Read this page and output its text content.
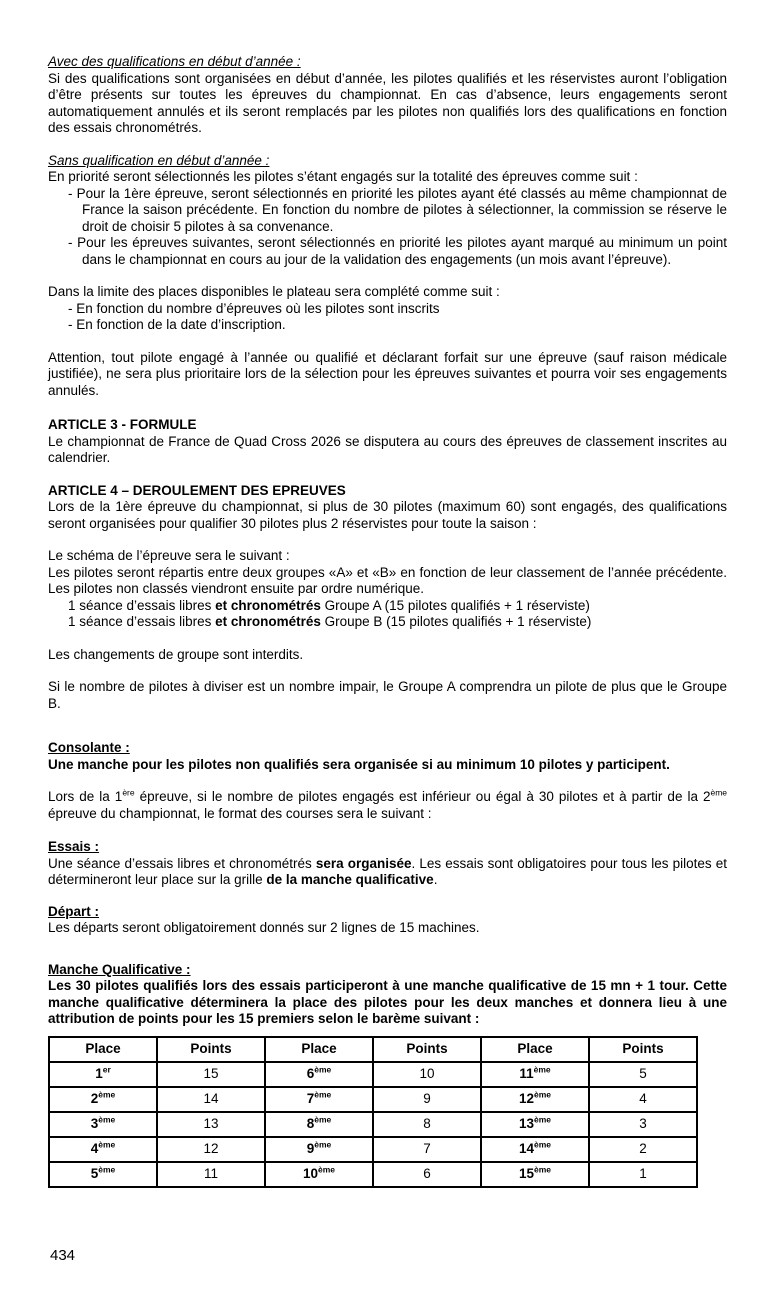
Avec des qualifications en début d’année :

Si des qualifications sont organisées en début d’année, les pilotes qualifiés et les réservistes auront l’obligation d’être présents sur toutes les épreuves du championnat. En cas d’absence, leurs engagements seront automatiquement annulés et ils seront remplacés par les pilotes non qualifiés lors des qualifications en fonction des essais chronométrés.

Sans qualification en début d’année :

En priorité seront sélectionnés les pilotes s’étant engagés sur la totalité des épreuves comme suit :

- Pour la 1ère épreuve, seront sélectionnés en priorité les pilotes ayant été classés au même championnat de France la saison précédente. En fonction du nombre de pilotes à sélectionner, la commission se réserve le droit de choisir 5 pilotes à sa convenance.

- Pour les épreuves suivantes, seront sélectionnés en priorité les pilotes ayant marqué au minimum un point dans le championnat en cours au jour de la validation des engagements (un mois avant l’épreuve).

Dans la limite des places disponibles le plateau sera complété comme suit :

- En fonction du nombre d’épreuves où les pilotes sont inscrits

- En fonction de la date d’inscription.

Attention, tout pilote engagé à l’année ou qualifié et déclarant forfait sur une épreuve (sauf raison médicale justifiée), ne sera plus prioritaire lors de la sélection pour les épreuves suivantes et pourra voir ses engagements annulés.

ARTICLE 3 - FORMULE

Le championnat de France de Quad Cross 2026 se disputera au cours des épreuves de classement inscrites au calendrier.

ARTICLE 4 – DEROULEMENT DES EPREUVES

Lors de la 1ère épreuve du championnat, si plus de 30 pilotes (maximum 60) sont engagés, des qualifications seront organisées pour qualifier 30 pilotes plus 2 réservistes pour toute la saison :

Le schéma de l’épreuve sera le suivant :

Les pilotes seront répartis entre deux groupes «A» et «B» en fonction de leur classement de l’année précédente. Les pilotes non classés viendront ensuite par ordre numérique.

1 séance d’essais libres et chronométrés Groupe A (15 pilotes qualifiés + 1 réserviste)

1 séance d’essais libres et chronométrés Groupe B (15 pilotes qualifiés + 1 réserviste)

Les changements de groupe sont interdits.

Si le nombre de pilotes à diviser est un nombre impair, le Groupe A comprendra un pilote de plus que le Groupe B.

Consolante :

Une manche pour les pilotes non qualifiés sera organisée si au minimum 10 pilotes y participent.

Lors de la 1ère épreuve, si le nombre de pilotes engagés est inférieur ou égal à 30 pilotes et à partir de la 2ème épreuve du championnat, le format des courses sera le suivant :

Essais :

Une séance d’essais libres et chronométrés sera organisée. Les essais sont obligatoires pour tous les pilotes et détermineront leur place sur la grille de la manche qualificative.

Départ :

Les départs seront obligatoirement donnés sur 2 lignes de 15 machines.

Manche Qualificative :

Les 30 pilotes qualifiés lors des essais participeront à une manche qualificative de 15 mn + 1 tour. Cette manche qualificative déterminera la place des pilotes pour les deux manches et donnera lieu à une attribution de points pour les 15 premiers selon le barème suivant :

Place	Points	Place	Points	Place	Points
1er	15	6ème	10	11ème	5
2ème	14	7ème	9	12ème	4
3ème	13	8ème	8	13ème	3
4ème	12	9ème	7	14ème	2
5ème	11	10ème	6	15ème	1
434
